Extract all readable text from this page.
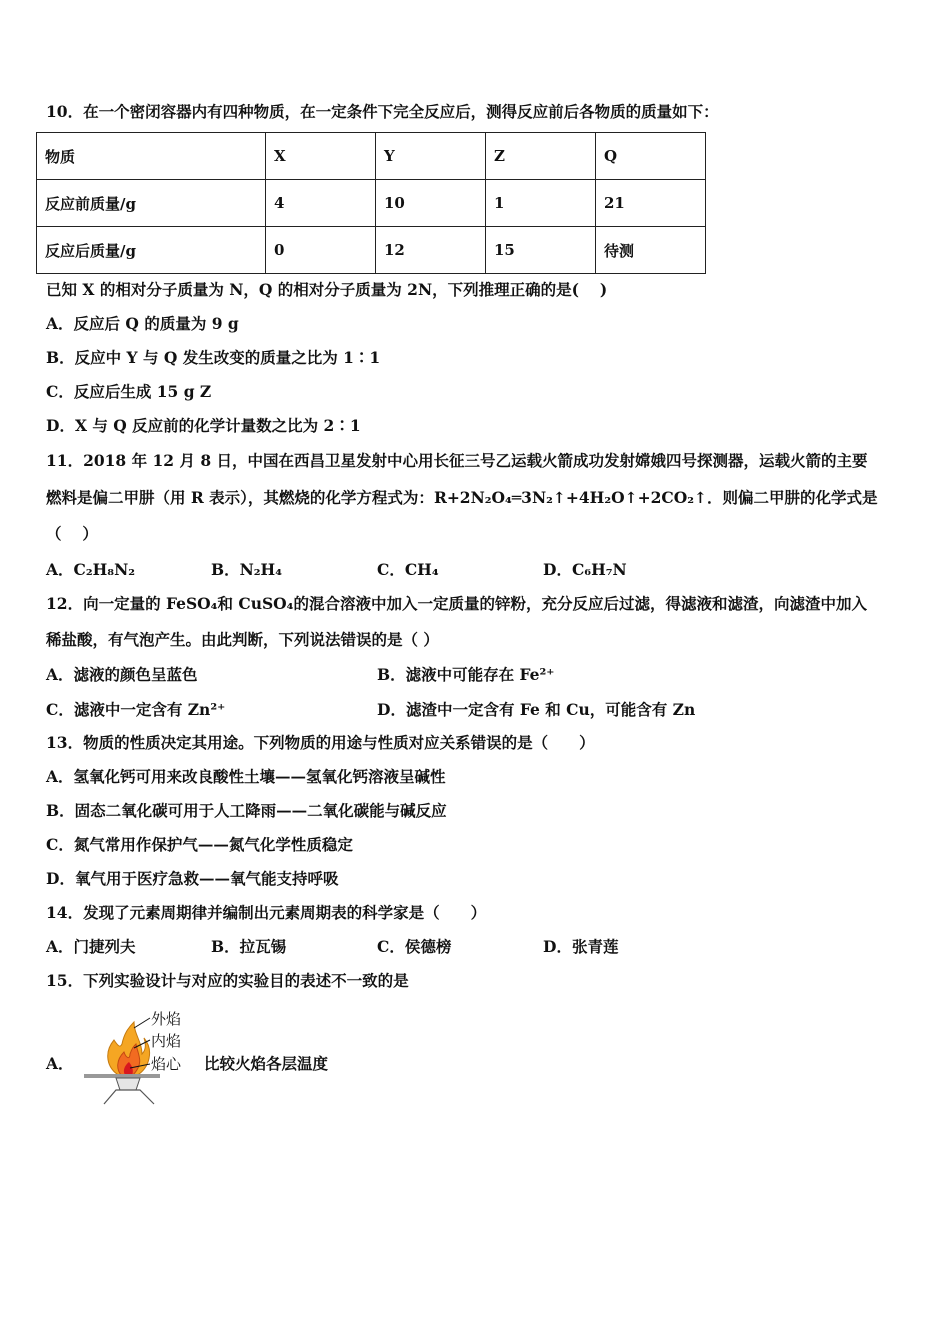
10．在一个密闭容器内有四种物质，在一定条件下完全反应后，测得反应前后各物质的质量如下：
物质	X	Y	Z	Q
反应前质量/g	4	10	1	21
反应后质量/g	0	12	15	待测
已知 X 的相对分子质量为 N，Q 的相对分子质量为 2N，下列推理正确的是(　 )
A．反应后 Q 的质量为 9 g
B．反应中 Y 与 Q 发生改变的质量之比为 1∶1
C．反应后生成 15 g Z
D．X 与 Q 反应前的化学计量数之比为 2∶1
11．2018 年 12 月 8 日，中国在西昌卫星发射中心用长征三号乙运载火箭成功发射嫦娥四号探测器，运载火箭的主要
燃料是偏二甲肼（用 R 表示），其燃烧的化学方程式为：R+2N₂O₄═3N₂↑+4H₂O↑+2CO₂↑．则偏二甲肼的化学式是
（　 ）
A．C₂H₈N₂	B．N₂H₄	C．CH₄	D．C₆H₇N
12．向一定量的 FeSO₄和 CuSO₄的混合溶液中加入一定质量的锌粉，充分反应后过滤，得滤液和滤渣，向滤渣中加入
稀盐酸，有气泡产生。由此判断，下列说法错误的是（ ）
A．滤液的颜色呈蓝色	B．滤液中可能存在 Fe²⁺
C．滤液中一定含有 Zn²⁺	D．滤渣中一定含有 Fe 和 Cu，可能含有 Zn
13．物质的性质决定其用途。下列物质的用途与性质对应关系错误的是（　　）
A．氢氧化钙可用来改良酸性土壤——氢氧化钙溶液呈碱性
B．固态二氧化碳可用于人工降雨——二氧化碳能与碱反应
C．氮气常用作保护气——氮气化学性质稳定
D．氧气用于医疗急救——氧气能支持呼吸
14．发现了元素周期律并编制出元素周期表的科学家是（　　）
A．门捷列夫	B．拉瓦锡	C．侯德榜	D．张青莲
15．下列实验设计与对应的实验目的表述不一致的是
A．	比较火焰各层温度
外焰
内焰
焰心
